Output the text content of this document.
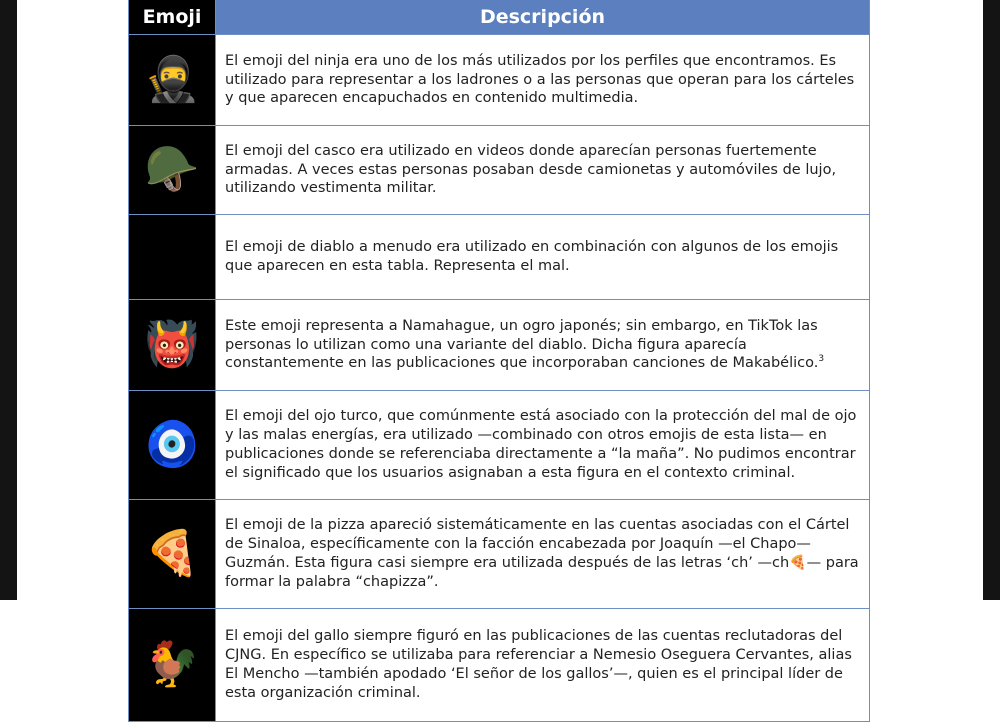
Emoji	Descripción
🥷	El emoji del ninja era uno de los más utilizados por los perfiles que encontramos. Es utilizado para representar a los ladrones o a las personas que operan para los cárteles y que aparecen encapuchados en contenido multimedia.
🪖	El emoji del casco era utilizado en videos donde aparecían personas fuertemente armadas. A veces estas personas posaban desde camionetas y automóviles de lujo, utilizando vestimenta militar.
😈	El emoji de diablo a menudo era utilizado en combinación con algunos de los emojis que aparecen en esta tabla. Representa el mal.
👹	Este emoji representa a Namahague, un ogro japonés; sin embargo, en TikTok las personas lo utilizan como una variante del diablo. Dicha figura aparecía constantemente en las publicaciones que incorporaban canciones de Makabélico.$^3$
🧿	El emoji del ojo turco, que comúnmente está asociado con la protección del mal de ojo y las malas energías, era utilizado —combinado con otros emojis de esta lista— en publicaciones donde se referenciaba directamente a “la maña”. No pudimos encontrar el significado que los usuarios asignaban a esta figura en el contexto criminal.
🍕	El emoji de la pizza apareció sistemáticamente en las cuentas asociadas con el Cártel de Sinaloa, específicamente con la facción encabezada por Joaquín —el Chapo— Guzmán. Esta figura casi siempre era utilizada después de las letras ‘ch’ —ch🍕— para formar la palabra “chapizza”.
🐓	El emoji del gallo siempre figuró en las publicaciones de las cuentas reclutadoras del CJNG. En específico se utilizaba para referenciar a Nemesio Oseguera Cervantes, alias El Mencho —también apodado ‘El señor de los gallos’—, quien es el principal líder de esta organización criminal.
